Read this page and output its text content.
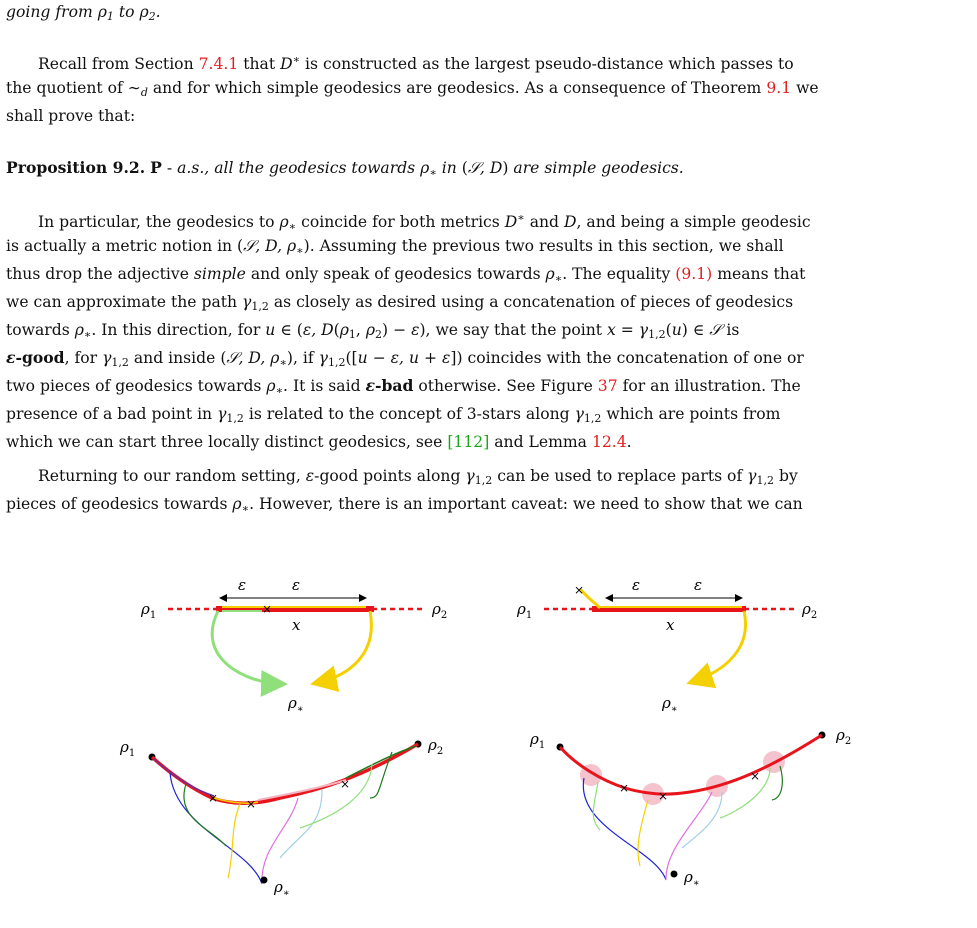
going from $\rho_1$ to $\rho_2$.
Recall from Section 7.4.1 that D∗ is constructed as the largest pseudo-distance which passes to
the quotient of $\sim_d$ and for which simple geodesics are geodesics. As a consequence of Theorem 9.1 we
shall prove that:
Proposition 9.2. P - a.s., all the geodesics towards $\rho_∗$ in (𝒮, D) are simple geodesics.
In particular, the geodesics to $\rho_∗$ coincide for both metrics D∗ and D, and being a simple geodesic
is actually a metric notion in (𝒮, D, $\rho_∗$). Assuming the previous two results in this section, we shall
thus drop the adjective simple and only speak of geodesics towards $\rho_∗$. The equality (9.1) means that
we can approximate the path $\gamma_{1,2}$ as closely as desired using a concatenation of pieces of geodesics
towards $\rho_∗$. In this direction, for u ∈ (ε, $D(\rho_1$, $\rho_2) - \varepsilon$), we say that the point $x = \gamma_{1,2}(u)$ ∈ 𝒮 is
ε-good, for $\gamma_{1,2}$ and inside (𝒮, D, $\rho_∗$), if $\gamma_{1,2}([u - \varepsilon$, u + ε]) coincides with the concatenation of one or
two pieces of geodesics towards $\rho_∗$. It is said ε-bad otherwise. See Figure 37 for an illustration. The
presence of a bad point in $\gamma_{1,2}$ is related to the concept of 3-stars along $\gamma_{1,2}$ which are points from
which we can start three locally distinct geodesics, see [112] and Lemma 12.4.
Returning to our random setting, ε-good points along $\gamma_{1,2}$ can be used to replace parts of $\gamma_{1,2}$ by
pieces of geodesics towards $\rho_∗$. However, there is an important caveat: we need to show that we can
$\rho_1$	$\rho_2$
ε	ε
×
x
$\rho_∗$
$\rho_1$	$\rho_2$
ε	ε
×
x
$\rho_∗$
$\rho_1$	$\rho_2$
× ×
×
$\rho_∗$
$\rho_1$
$\rho_2$
×
×
×
$\rho_∗$
